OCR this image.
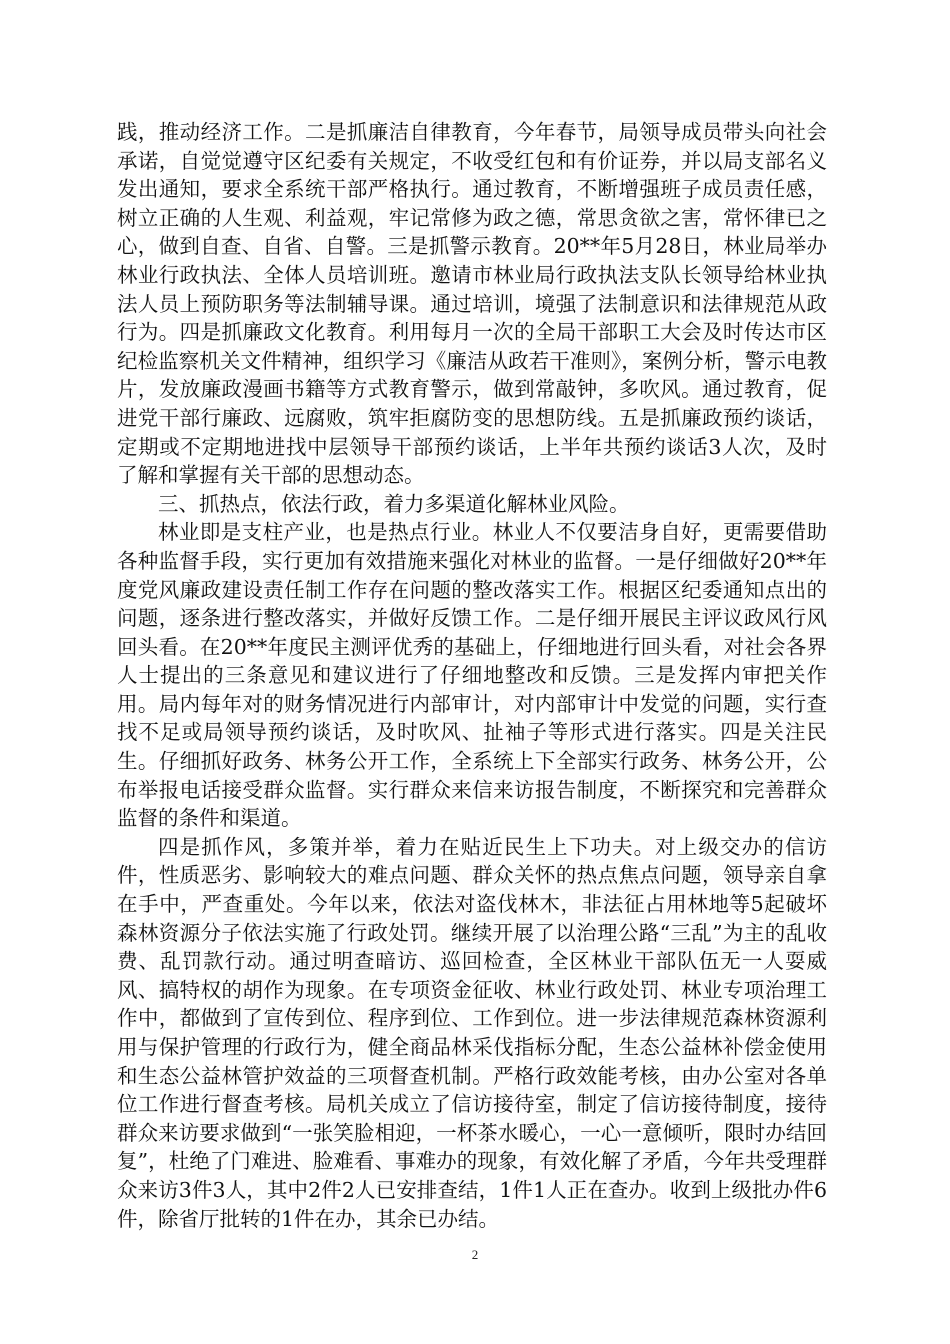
践，推动经济工作。二是抓廉洁自律教育，今年春节，局领导成员带头向社会承诺，自觉觉遵守区纪委有关规定，不收受红包和有价证券，并以局支部名义发出通知，要求全系统干部严格执行。通过教育，不断增强班子成员责任感，树立正确的人生观、利益观，牢记常修为政之德，常思贪欲之害，常怀律已之心，做到自查、自省、自警。三是抓警示教育。20**年5月28日，林业局举办林业行政执法、全体人员培训班。邀请市林业局行政执法支队长领导给林业执法人员上预防职务等法制辅导课。通过培训，境强了法制意识和法律规范从政行为。四是抓廉政文化教育。利用每月一次的全局干部职工大会及时传达市区纪检监察机关文件精神，组织学习《廉洁从政若干准则》，案例分析，警示电教片，发放廉政漫画书籍等方式教育警示，做到常敲钟，多吹风。通过教育，促进党干部行廉政、远腐败，筑牢拒腐防变的思想防线。五是抓廉政预约谈话，定期或不定期地进找中层领导干部预约谈话，上半年共预约谈话3人次，及时了解和掌握有关干部的思想动态。

三、抓热点，依法行政，着力多渠道化解林业风险。

林业即是支柱产业，也是热点行业。林业人不仅要洁身自好，更需要借助各种监督手段，实行更加有效措施来强化对林业的监督。一是仔细做好20**年度党风廉政建设责任制工作存在问题的整改落实工作。根据区纪委通知点出的问题，逐条进行整改落实，并做好反馈工作。二是仔细开展民主评议政风行风回头看。在20**年度民主测评优秀的基础上，仔细地进行回头看，对社会各界人士提出的三条意见和建议进行了仔细地整改和反馈。三是发挥内审把关作用。局内每年对的财务情况进行内部审计，对内部审计中发觉的问题，实行查找不足或局领导预约谈话，及时吹风、扯袖子等形式进行落实。四是关注民生。仔细抓好政务、林务公开工作，全系统上下全部实行政务、林务公开，公布举报电话接受群众监督。实行群众来信来访报告制度，不断探究和完善群众监督的条件和渠道。

四是抓作风，多策并举，着力在贴近民生上下功夫。对上级交办的信访件，性质恶劣、影响较大的难点问题、群众关怀的热点焦点问题，领导亲自拿在手中，严查重处。今年以来，依法对盗伐林木，非法征占用林地等5起破坏森林资源分子依法实施了行政处罚。继续开展了以治理公路“三乱”为主的乱收费、乱罚款行动。通过明查暗访、巡回检查，全区林业干部队伍无一人耍威风、搞特权的胡作为现象。在专项资金征收、林业行政处罚、林业专项治理工作中，都做到了宣传到位、程序到位、工作到位。进一步法律规范森林资源利用与保护管理的行政行为，健全商品林采伐指标分配，生态公益林补偿金使用和生态公益林管护效益的三项督查机制。严格行政效能考核，由办公室对各单位工作进行督查考核。局机关成立了信访接待室，制定了信访接待制度，接待群众来访要求做到“一张笑脸相迎，一杯茶水暖心，一心一意倾听，限时办结回复”，杜绝了门难进、脸难看、事难办的现象，有效化解了矛盾，今年共受理群众来访3件3人，其中2件2人已安排查结，1件1人正在查办。收到上级批办件6件，除省厅批转的1件在办，其余已办结。

2
